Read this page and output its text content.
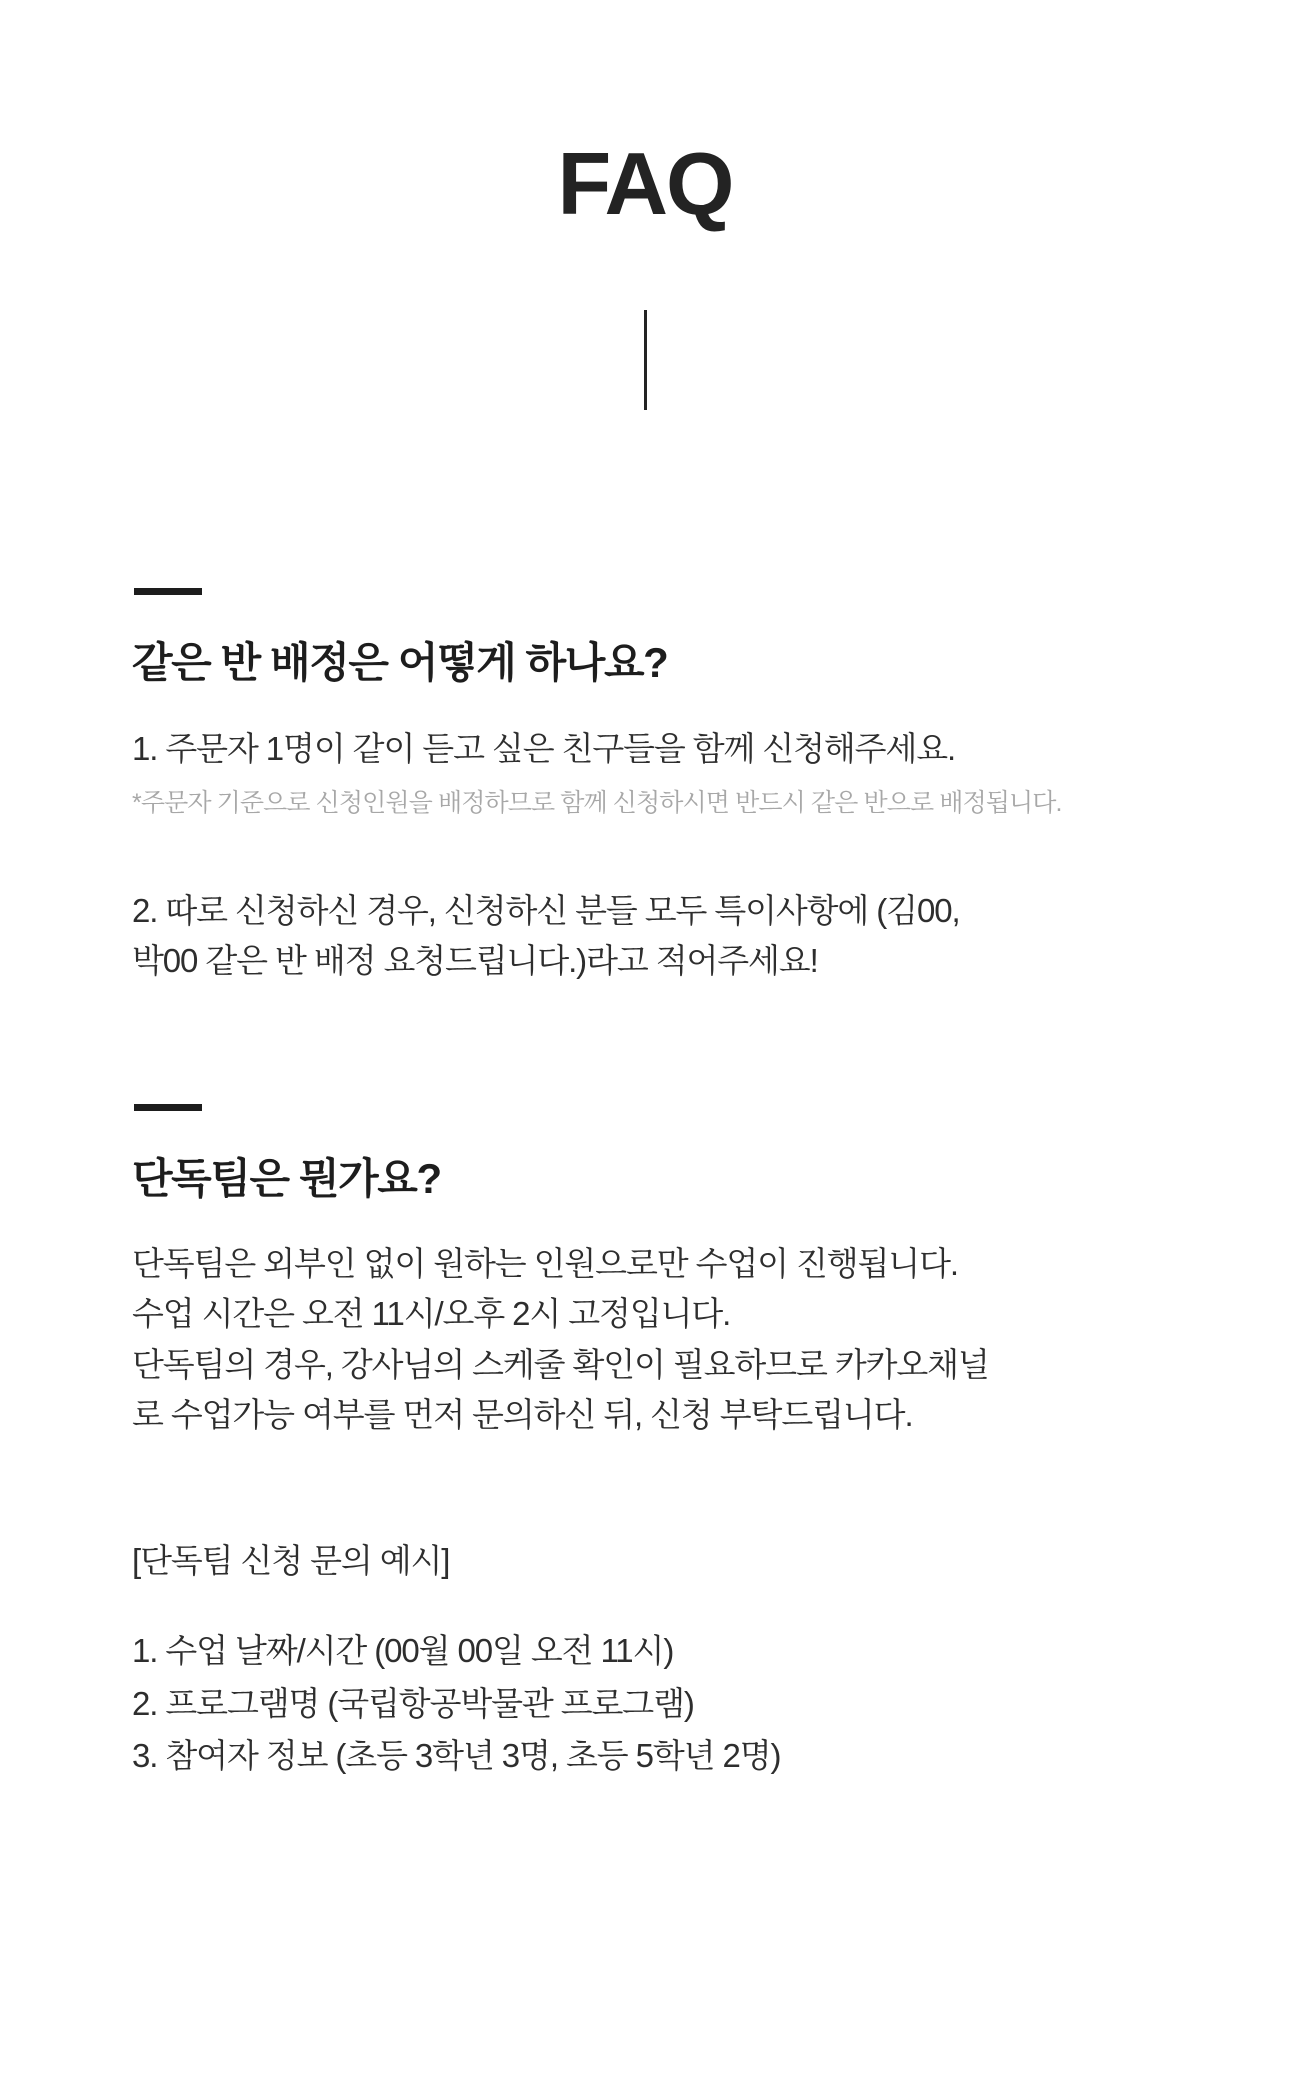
FAQ
같은 반 배정은 어떻게 하나요?

1. 주문자 1명이 같이 듣고 싶은 친구들을 함께 신청해주세요.

*주문자 기준으로 신청인원을 배정하므로 함께 신청하시면 반드시 같은 반으로 배정됩니다.

2. 따로 신청하신 경우, 신청하신 분들 모두 특이사항에 (김00,
박00 같은 반 배정 요청드립니다.)라고 적어주세요!
단독팀은 뭔가요?
단독팀은 외부인 없이 원하는 인원으로만 수업이 진행됩니다.
수업 시간은 오전 11시/오후 2시 고정입니다.
단독팀의 경우, 강사님의 스케줄 확인이 필요하므로 카카오채널
로 수업가능 여부를 먼저 문의하신 뒤, 신청 부탁드립니다.

[단독팀 신청 문의 예시]

1. 수업 날짜/시간 (00월 00일 오전 11시)
2. 프로그램명 (국립항공박물관 프로그램)
3. 참여자 정보 (초등 3학년 3명, 초등 5학년 2명)
